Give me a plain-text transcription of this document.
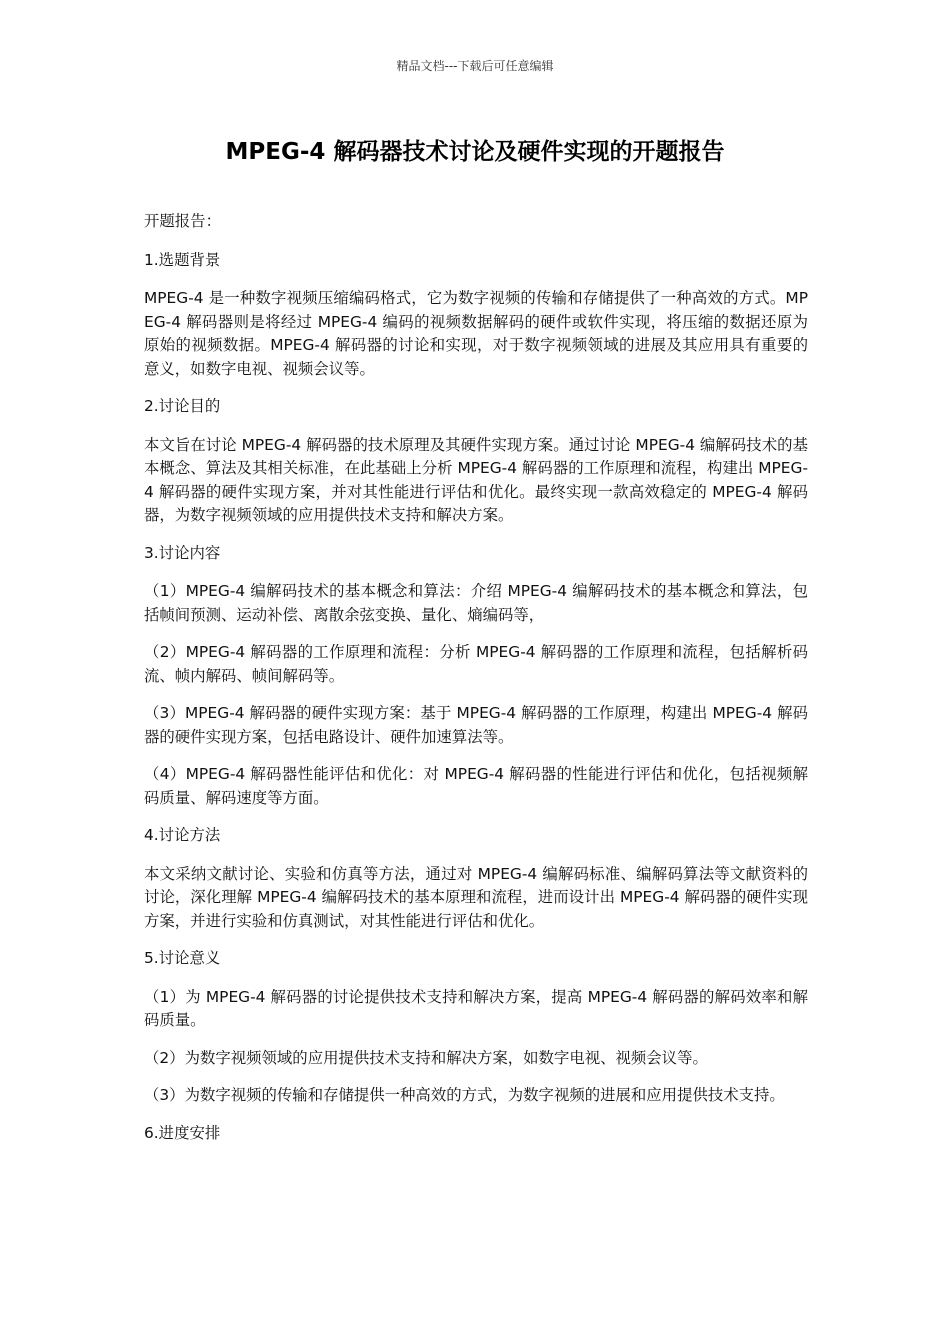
精品文档---下载后可任意编辑
MPEG-4 解码器技术讨论及硬件实现的开题报告

开题报告：

1.选题背景

MPEG-4 是一种数字视频压缩编码格式，它为数字视频的传输和存储提供了一种高效的方式。MPEG-4 解码器则是将经过 MPEG-4 编码的视频数据解码的硬件或软件实现，将压缩的数据还原为原始的视频数据。MPEG-4 解码器的讨论和实现，对于数字视频领域的进展及其应用具有重要的意义，如数字电视、视频会议等。

2.讨论目的

本文旨在讨论 MPEG-4 解码器的技术原理及其硬件实现方案。通过讨论 MPEG-4 编解码技术的基本概念、算法及其相关标准，在此基础上分析 MPEG-4 解码器的工作原理和流程，构建出 MPEG-4 解码器的硬件实现方案，并对其性能进行评估和优化。最终实现一款高效稳定的 MPEG-4 解码器，为数字视频领域的应用提供技术支持和解决方案。

3.讨论内容

（1）MPEG-4 编解码技术的基本概念和算法：介绍 MPEG-4 编解码技术的基本概念和算法，包括帧间预测、运动补偿、离散余弦变换、量化、熵编码等，

（2）MPEG-4 解码器的工作原理和流程：分析 MPEG-4 解码器的工作原理和流程，包括解析码流、帧内解码、帧间解码等。

（3）MPEG-4 解码器的硬件实现方案：基于 MPEG-4 解码器的工作原理，构建出 MPEG-4 解码器的硬件实现方案，包括电路设计、硬件加速算法等。

（4）MPEG-4 解码器性能评估和优化：对 MPEG-4 解码器的性能进行评估和优化，包括视频解码质量、解码速度等方面。

4.讨论方法

本文采纳文献讨论、实验和仿真等方法，通过对 MPEG-4 编解码标准、编解码算法等文献资料的讨论，深化理解 MPEG-4 编解码技术的基本原理和流程，进而设计出 MPEG-4 解码器的硬件实现方案，并进行实验和仿真测试，对其性能进行评估和优化。

5.讨论意义

（1）为 MPEG-4 解码器的讨论提供技术支持和解决方案，提高 MPEG-4 解码器的解码效率和解码质量。

（2）为数字视频领域的应用提供技术支持和解决方案，如数字电视、视频会议等。

（3）为数字视频的传输和存储提供一种高效的方式，为数字视频的进展和应用提供技术支持。

6.进度安排
